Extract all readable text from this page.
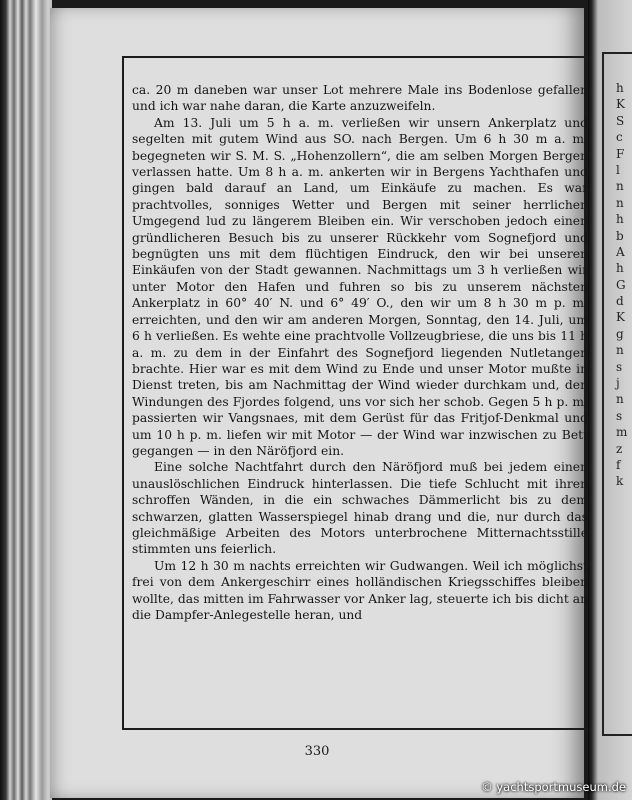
ca. 20 m daneben war unser Lot mehrere Male ins Bodenlose gefallen und ich war nahe daran, die Karte anzuzweifeln.

Am 13. Juli um 5 h a. m. verließen wir unsern Ankerplatz und segelten mit gutem Wind aus SO. nach Bergen. Um 6 h 30 m a. m. begegneten wir S. M. S. „Hohenzollern“, die am selben Morgen Bergen verlassen hatte. Um 8 h a. m. ankerten wir in Bergens Yachthafen und gingen bald darauf an Land, um Einkäufe zu machen. Es war prachtvolles, sonniges Wetter und Bergen mit seiner herrlichen Umgegend lud zu längerem Bleiben ein. Wir verschoben jedoch einen gründlicheren Besuch bis zu unserer Rückkehr vom Sognefjord und begnügten uns mit dem flüchtigen Eindruck, den wir bei unseren Einkäufen von der Stadt gewannen. Nachmittags um 3 h verließen wir unter Motor den Hafen und fuhren so bis zu unserem nächsten Ankerplatz in 60° 40′ N. und 6° 49′ O., den wir um 8 h 30 m p. m. erreichten, und den wir am anderen Morgen, Sonntag, den 14. Juli, um 6 h verließen. Es wehte eine prachtvolle Vollzeugbriese, die uns bis 11 h a. m. zu dem in der Einfahrt des Sognefjord liegenden Nutletangen brachte. Hier war es mit dem Wind zu Ende und unser Motor mußte in Dienst treten, bis am Nachmittag der Wind wieder durchkam und, den Windungen des Fjordes folgend, uns vor sich her schob. Gegen 5 h p. m. passierten wir Vangsnaes, mit dem Gerüst für das Fritjof-Denkmal und um 10 h p. m. liefen wir mit Motor — der Wind war inzwischen zu Bett gegangen — in den Näröfjord ein.

Eine solche Nachtfahrt durch den Näröfjord muß bei jedem einen unauslöschlichen Eindruck hinterlassen. Die tiefe Schlucht mit ihren schroffen Wänden, in die ein schwaches Dämmerlicht bis zu dem schwarzen, glatten Wasserspiegel hinab drang und die, nur durch das gleichmäßige Arbeiten des Motors unterbrochene Mitternachtsstille stimmten uns feierlich.

Um 12 h 30 m nachts erreichten wir Gudwangen. Weil ich möglichst frei von dem Ankergeschirr eines holländischen Kriegsschiffes bleiben wollte, das mitten im Fahrwasser vor Anker lag, steuerte ich bis dicht an die Dampfer-Anlegestelle heran, und

330
h
K
S
c
F
l
n
n
h
b
A
h
G
d
K
g
n
s
j
n
s
m
z
f
k
© yachtsportmuseum.de
